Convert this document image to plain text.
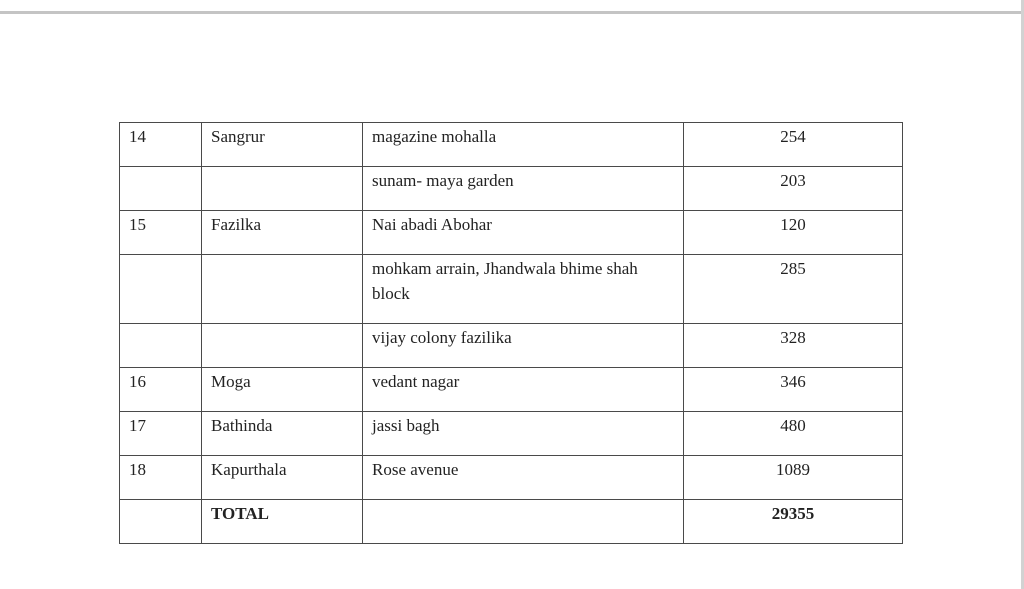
14	Sangrur	magazine mohalla	254
		sunam- maya garden	203
15	Fazilka	Nai abadi Abohar	120
		mohkam arrain, Jhandwala bhime shah block	285
		vijay colony fazilika	328
16	Moga	vedant nagar	346
17	Bathinda	jassi bagh	480
18	Kapurthala	Rose avenue	1089
	TOTAL		29355
